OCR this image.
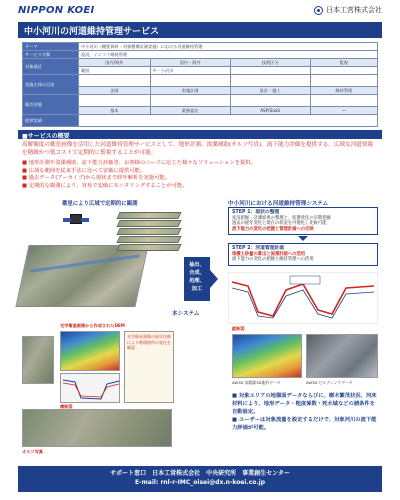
NIPPON KOEI	日本工営株式会社
中小河川の河道維持管理サービス
テーマ	中小河川（概要資料・対象整備計画実施）における河道維持管理			
サービス分類	流況、インフラ維持管理			
対象地区	国内/海外	国内・海外	技術区分	監視
	範囲	中・小河川		
実施主体の目途				
	企画	実施計画	設計・施工	維持管理
販売形態				
	基本	業務委託	ASP/SaaS	—
提供実績				
■サービスの概要
高解像度の衛星画像を活用した河道維持管理サービスとして、地形計測、浚渫補助(オルソ写真)、流下能力評価を提供する。広域な河道情報を精緻かつ低コストで定期的に監視することが可能。
■ 地形計測や浚渫補助、流下能力評価等、お客様のニーズに応じた様々なソリューションを提供。
■ 広域な範囲を従来手法に比べて安価に提供可能。
■ 過去データ(アーカイブ)から現状まで経年解析を実施可能。
■ 定期的な観測により、容易で安価にモニタリングすることが可能。
衛星により広域で定期的に観測
抽出、
合成、
処理、
加工
本システム
中小河川における河道維持管理システム
STEP 1：現状の整理
状況把握・計測結果の整理と、状態変化の早期把握
過去の経年変化と現在の状況を可視化し比較可能
流下能力の変化の把握と管理計画への反映
STEP 2：河道管理計画
堆積土砂量の算出と浚渫計画への活用
流下能力の変化の把握と維持管理への活用
光学衛星画像から作成されたDEM
横断図
オルソ写真
光学衛星画像の経年比較により堆積箇所の変化を確認
縦断図
AW3D 高精細3D地形データ	AW3D ビルディングデータ
■ 対象エリアの地盤面データならびに、樹木繁茂状況、河床材料により、地形データ・粗度係数・死水域などの諸条件を自動設定。
■ ユーザーは対象流量を設定するだけで、対象河川の流下能力評価が可能。
サポート窓口　日本工営株式会社　中央研究所　事業創生センター
E-mail: rnl-r-IMC_oisei@dx.n-koei.co.jp
